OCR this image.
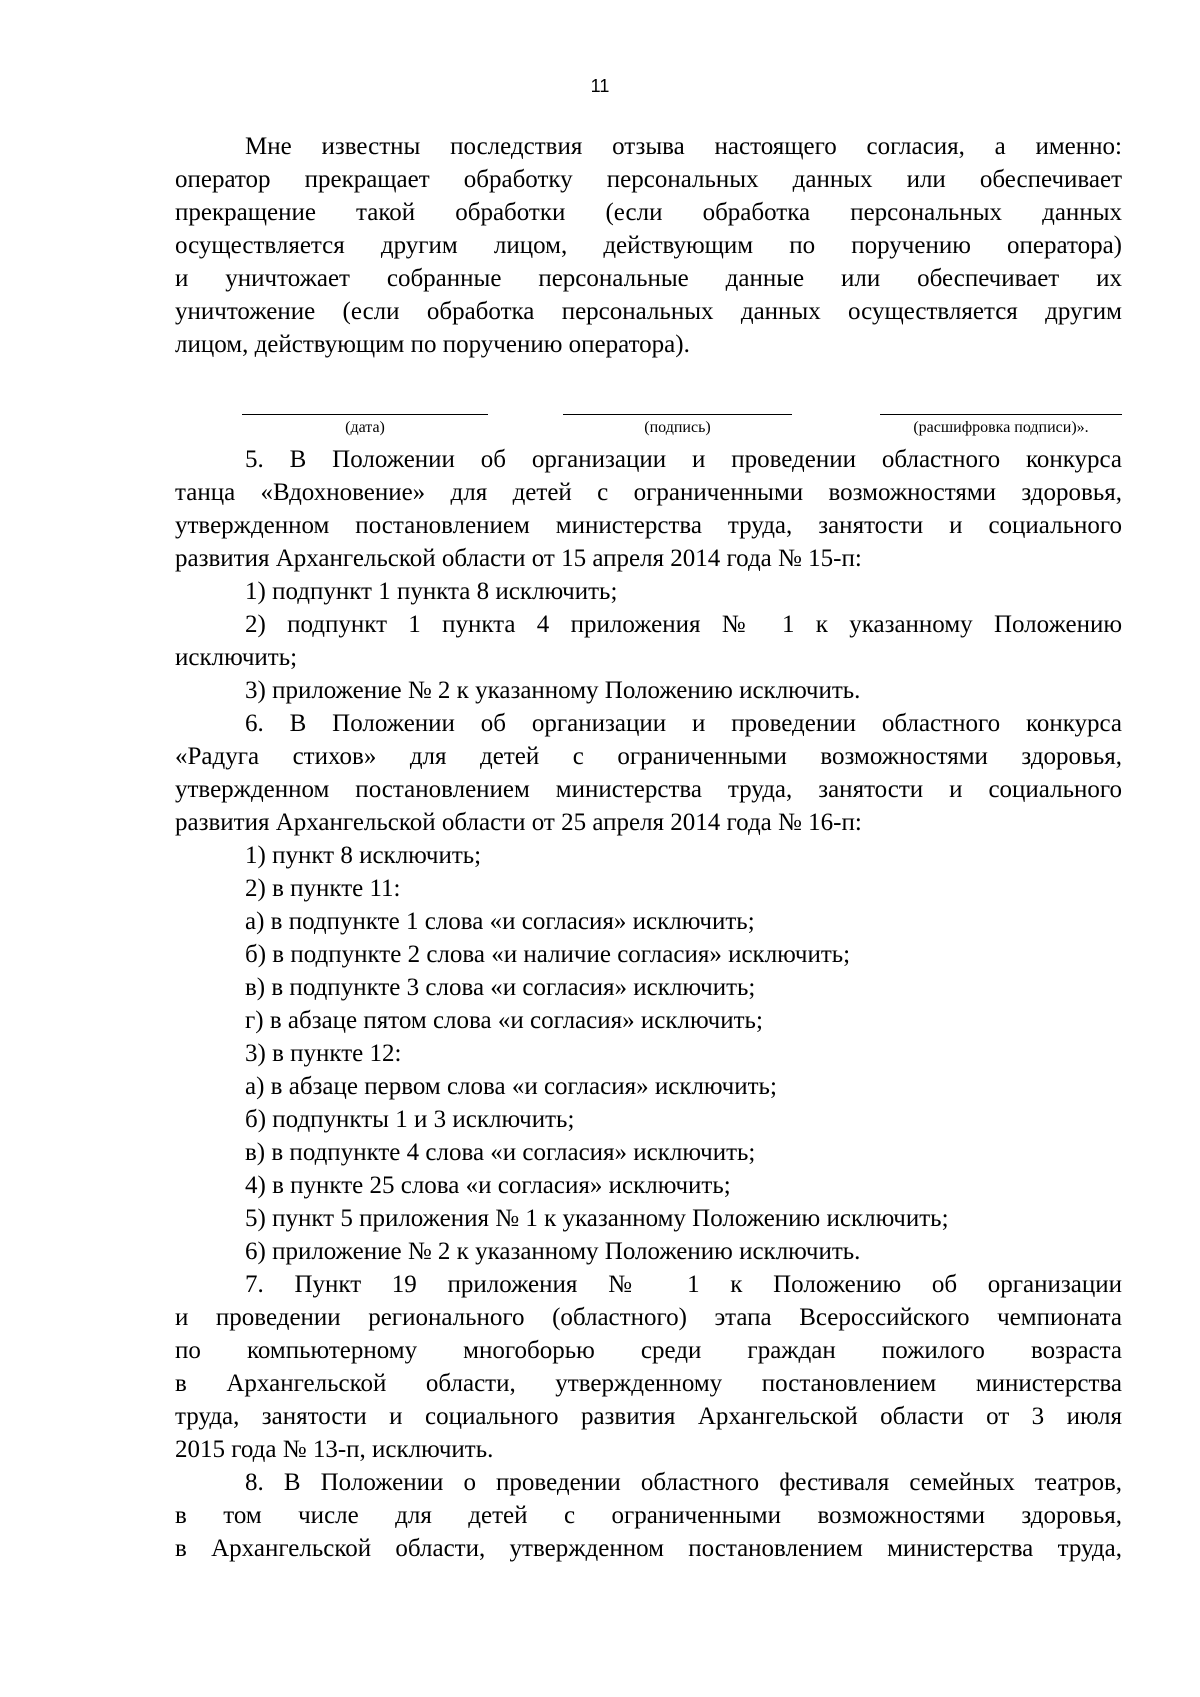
11
Мне известны последствия отзыва настоящего согласия, а именно:
оператор прекращает обработку персональных данных или обеспечивает
прекращение такой обработки (если обработка персональных данных
осуществляется другим лицом, действующим по поручению оператора)
и уничтожает собранные персональные данные или обеспечивает их
уничтожение (если обработка персональных данных осуществляется другим
лицом, действующим по поручению оператора).
(дата)	(подпись)	(расшифровка подписи)».
5. В Положении об организации и проведении областного конкурса
танца «Вдохновение» для детей с ограниченными возможностями здоровья,
утвержденном постановлением министерства труда, занятости и социального
развития Архангельской области от 15 апреля 2014 года № 15-п:
1) подпункт 1 пункта 8 исключить;
2) подпункт 1 пункта 4 приложения № 1 к указанному Положению
исключить;
3) приложение № 2 к указанному Положению исключить.
6. В Положении об организации и проведении областного конкурса
«Радуга стихов» для детей с ограниченными возможностями здоровья,
утвержденном постановлением министерства труда, занятости и социального
развития Архангельской области от 25 апреля 2014 года № 16-п:
1) пункт 8 исключить;
2) в пункте 11:
а) в подпункте 1 слова «и согласия» исключить;
б) в подпункте 2 слова «и наличие согласия» исключить;
в) в подпункте 3 слова «и согласия» исключить;
г) в абзаце пятом слова «и согласия» исключить;
3) в пункте 12:
а) в абзаце первом слова «и согласия» исключить;
б) подпункты 1 и 3 исключить;
в) в подпункте 4 слова «и согласия» исключить;
4) в пункте 25 слова «и согласия» исключить;
5) пункт 5 приложения № 1 к указанному Положению исключить;
6) приложение № 2 к указанному Положению исключить.
7. Пункт 19 приложения № 1 к Положению об организации
и проведении регионального (областного) этапа Всероссийского чемпионата
по компьютерному многоборью среди граждан пожилого возраста
в Архангельской области, утвержденному постановлением министерства
труда, занятости и социального развития Архангельской области от 3 июля
2015 года № 13-п, исключить.
8. В Положении о проведении областного фестиваля семейных театров,
в том числе для детей с ограниченными возможностями здоровья,
в Архангельской области, утвержденном постановлением министерства труда,
